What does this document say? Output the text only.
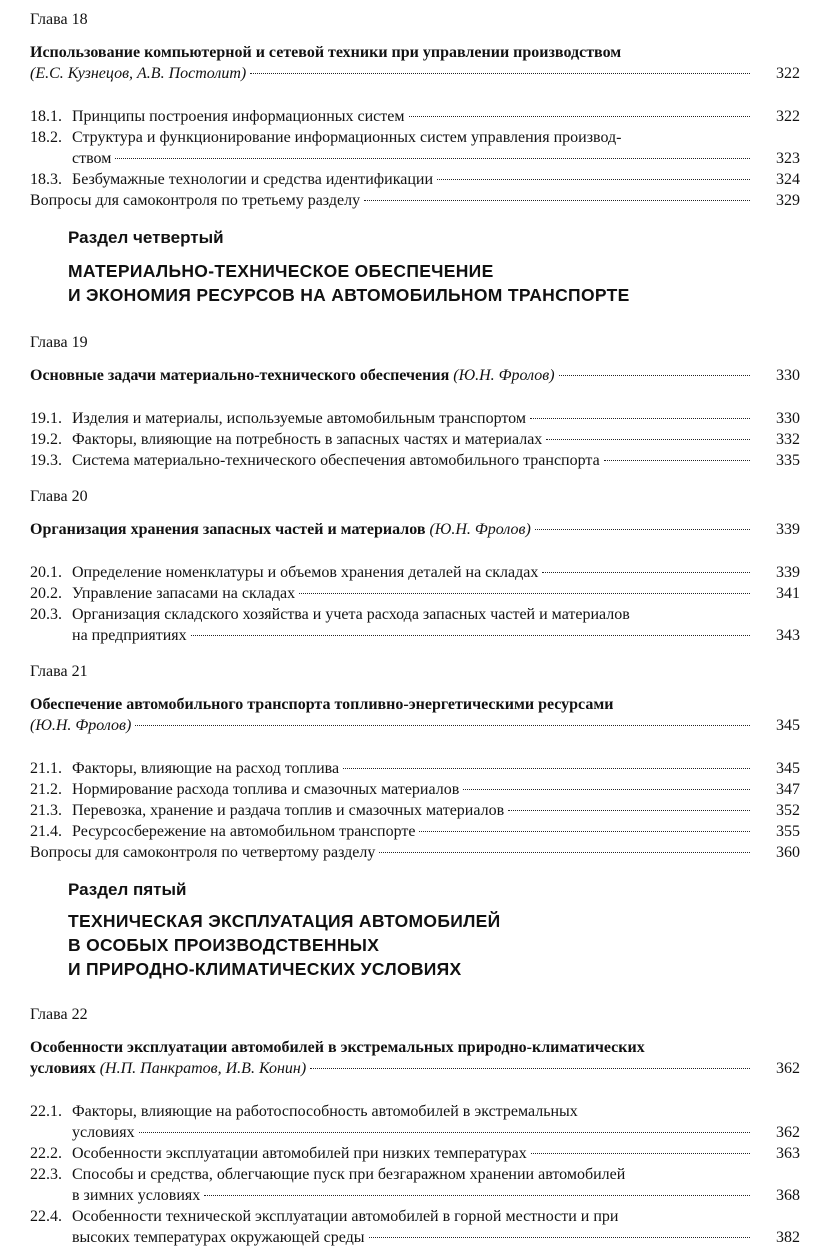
Глава 18
Использование компьютерной и сетевой техники при управлении производством
(Е.С. Кузнецов, А.В. Постолит)	322
18.1. Принципы построения информационных систем	322
18.2. Структура и функционирование информационных систем управления производ-
ством	323
18.3. Безбумажные технологии и средства идентификации	324
Вопросы для самоконтроля по третьему разделу	329
Раздел четвертый
МАТЕРИАЛЬНО-ТЕХНИЧЕСКОЕ ОБЕСПЕЧЕНИЕ
И ЭКОНОМИЯ РЕСУРСОВ НА АВТОМОБИЛЬНОМ ТРАНСПОРТЕ
Глава 19
Основные задачи материально-технического обеспечения (Ю.Н. Фролов)	330
19.1. Изделия и материалы, используемые автомобильным транспортом	330
19.2. Факторы, влияющие на потребность в запасных частях и материалах	332
19.3. Система материально-технического обеспечения автомобильного транспорта	335
Глава 20
Организация хранения запасных частей и материалов (Ю.Н. Фролов)	339
20.1. Определение номенклатуры и объемов хранения деталей на складах	339
20.2. Управление запасами на складах	341
20.3. Организация складского хозяйства и учета расхода запасных частей и материалов
на предприятиях	343
Глава 21
Обеспечение автомобильного транспорта топливно-энергетическими ресурсами
(Ю.Н. Фролов)	345
21.1. Факторы, влияющие на расход топлива	345
21.2. Нормирование расхода топлива и смазочных материалов	347
21.3. Перевозка, хранение и раздача топлив и смазочных материалов	352
21.4. Ресурсосбережение на автомобильном транспорте	355
Вопросы для самоконтроля по четвертому разделу	360
Раздел пятый
ТЕХНИЧЕСКАЯ ЭКСПЛУАТАЦИЯ АВТОМОБИЛЕЙ
В ОСОБЫХ ПРОИЗВОДСТВЕННЫХ
И ПРИРОДНО-КЛИМАТИЧЕСКИХ УСЛОВИЯХ
Глава 22
Особенности эксплуатации автомобилей в экстремальных природно-климатических
условиях (Н.П. Панкратов, И.В. Конин)	362
22.1. Факторы, влияющие на работоспособность автомобилей в экстремальных
условиях	362
22.2. Особенности эксплуатации автомобилей при низких температурах	363
22.3. Способы и средства, облегчающие пуск при безгаражном хранении автомобилей
в зимних условиях	368
22.4. Особенности технической эксплуатации автомобилей в горной местности и при
высоких температурах окружающей среды	382
